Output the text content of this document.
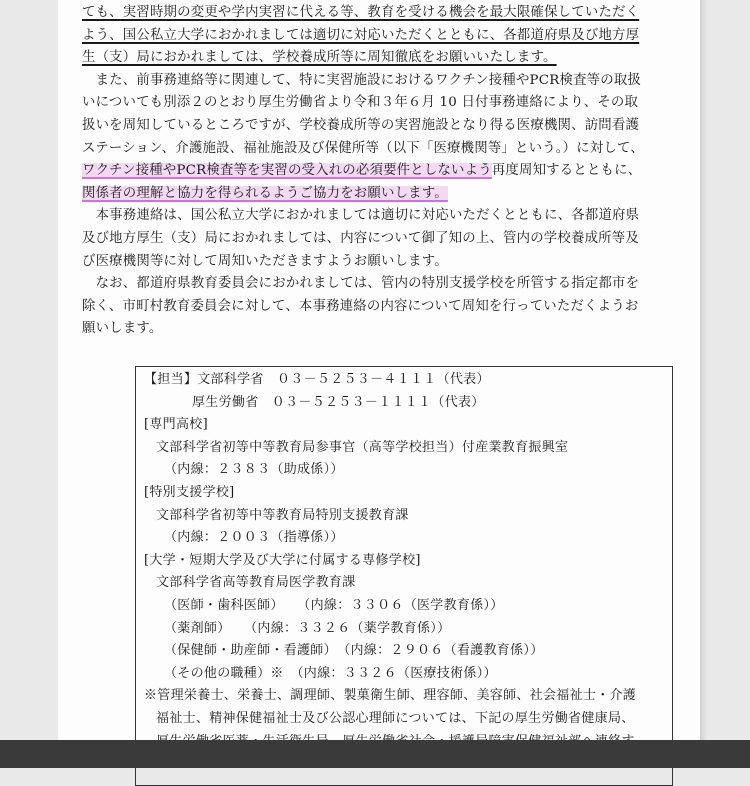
ても、実習時期の変更や学内実習に代える等、教育を受ける機会を最大限確保していただく
よう、国公私立大学におかれましては適切に対応いただくとともに、各都道府県及び地方厚
生（支）局におかれましては、学校養成所等に周知徹底をお願いいたします。
　また、前事務連絡等に関連して、特に実習施設におけるワクチン接種やPCR検査等の取扱
いについても別添２のとおり厚生労働省より令和３年６月 10 日付事務連絡により、その取
扱いを周知しているところですが、学校養成所等の実習施設となり得る医療機関、訪問看護
ステーション、介護施設、福祉施設及び保健所等（以下「医療機関等」という。）に対して、
ワクチン接種やPCR検査等を実習の受入れの必須要件としないよう再度周知するとともに、
関係者の理解と協力を得られるようご協力をお願いします。
　本事務連絡は、国公私立大学におかれましては適切に対応いただくとともに、各都道府県
及び地方厚生（支）局におかれましては、内容について御了知の上、管内の学校養成所等及
び医療機関等に対して周知いただきますようお願いします。
　なお、都道府県教育委員会におかれましては、管内の特別支援学校を所管する指定都市を
除く、市町村教育委員会に対して、本事務連絡の内容について周知を行っていただくようお
願いします。
【担当】文部科学省　０３－５２５３－４１１１（代表）
厚生労働省　０３－５２５３－１１１１（代表）
[専門高校]
文部科学省初等中等教育局参事官（高等学校担当）付産業教育振興室
（内線：２３８３（助成係））
[特別支援学校]
文部科学省初等中等教育局特別支援教育課
（内線：２００３（指導係））
[大学・短期大学及び大学に付属する専修学校]
文部科学省高等教育局医学教育課
（医師・歯科医師）　　（内線：３３０６（医学教育係））
（薬剤師）　　（内線：３３２６（薬学教育係））
（保健師・助産師・看護師）　（内線：２９０６（看護教育係））
（その他の職種）※　（内線：３３２６（医療技術係））
※管理栄養士、栄養士、調理師、製菓衛生師、理容師、美容師、社会福祉士・介護
福祉士、精神保健福祉士及び公認心理師については、下記の厚生労働省健康局、
